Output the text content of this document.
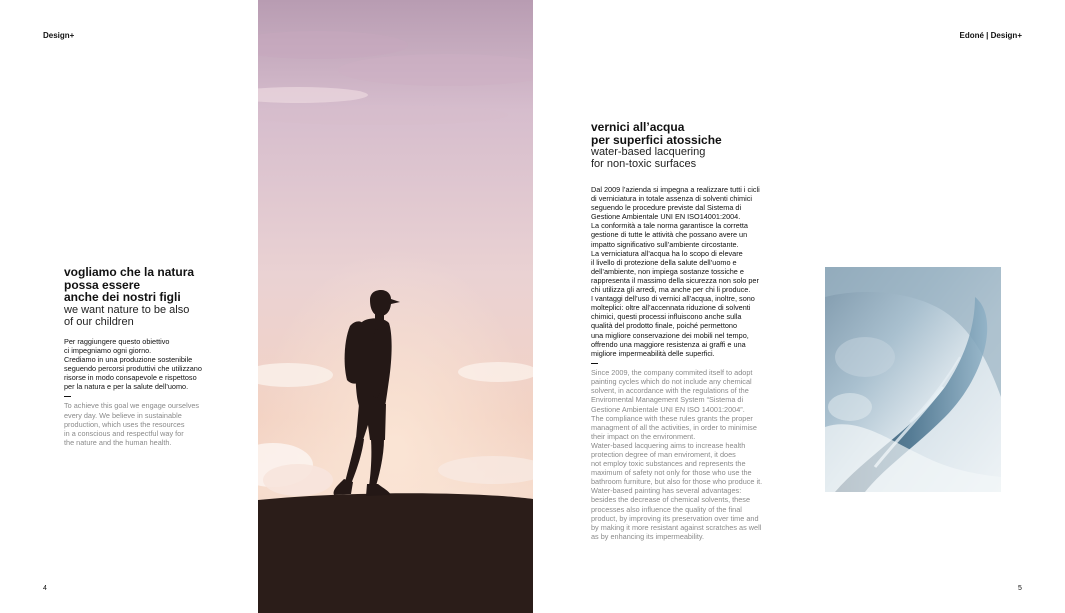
Design+	Edoné | Design+
vogliamo che la natura
possa essere
anche dei nostri figli
we want nature to be also
of our children
Per raggiungere questo obiettivo
ci impegniamo ogni giorno.
Crediamo in una produzione sostenibile
seguendo percorsi produttivi che utilizzano
risorse in modo consapevole e rispettoso
per la natura e per la salute dell’uomo.
To achieve this goal we engage ourselves
every day. We believe in sustainable
production, which uses the resources
in a conscious and respectful way for
the nature and the human health.
vernici all’acqua
per superfici atossiche
water-based lacquering
for non-toxic surfaces
Dal 2009 l’azienda si impegna a realizzare tutti i cicli
di verniciatura in totale assenza di solventi chimici
seguendo le procedure previste dal Sistema di
Gestione Ambientale UNI EN ISO14001:2004.
La conformità a tale norma garantisce la corretta
gestione di tutte le attività che possano avere un
impatto significativo sull’ambiente circostante.
La verniciatura all’acqua ha lo scopo di elevare
il livello di protezione della salute dell’uomo e
dell’ambiente, non impiega sostanze tossiche e
rappresenta il massimo della sicurezza non solo per
chi utilizza gli arredi, ma anche per chi li produce.
I vantaggi dell’uso di vernici all’acqua, inoltre, sono
molteplici: oltre all’accennata riduzione di solventi
chimici, questi processi influiscono anche sulla
qualità del prodotto finale, poiché permettono
una migliore conservazione dei mobili nel tempo,
offrendo una maggiore resistenza ai graffi e una
migliore impermeabilità delle superfici.
Since 2009, the company commited itself to adopt
painting cycles which do not include any chemical
solvent, in accordance with the regulations of the
Enviromental Management System “Sistema di
Gestione Ambientale UNI EN ISO 14001:2004”.
The compliance with these rules grants the proper
managment of all the activities, in order to minimise
their impact on the environment.
Water-based lacquering aims to increase health
protection degree of man enviroment, it does
not employ toxic substances and represents the
maximum of safety not only for those who use the
bathroom furniture, but also for those who produce it.
Water-based painting has several advantages:
besides the decrease of chemical solvents, these
processes also influence the quality of the final
product, by improving its preservation over time and
by making it more resistant against scratches as well
as by enhancing its impermeability.
4	5
